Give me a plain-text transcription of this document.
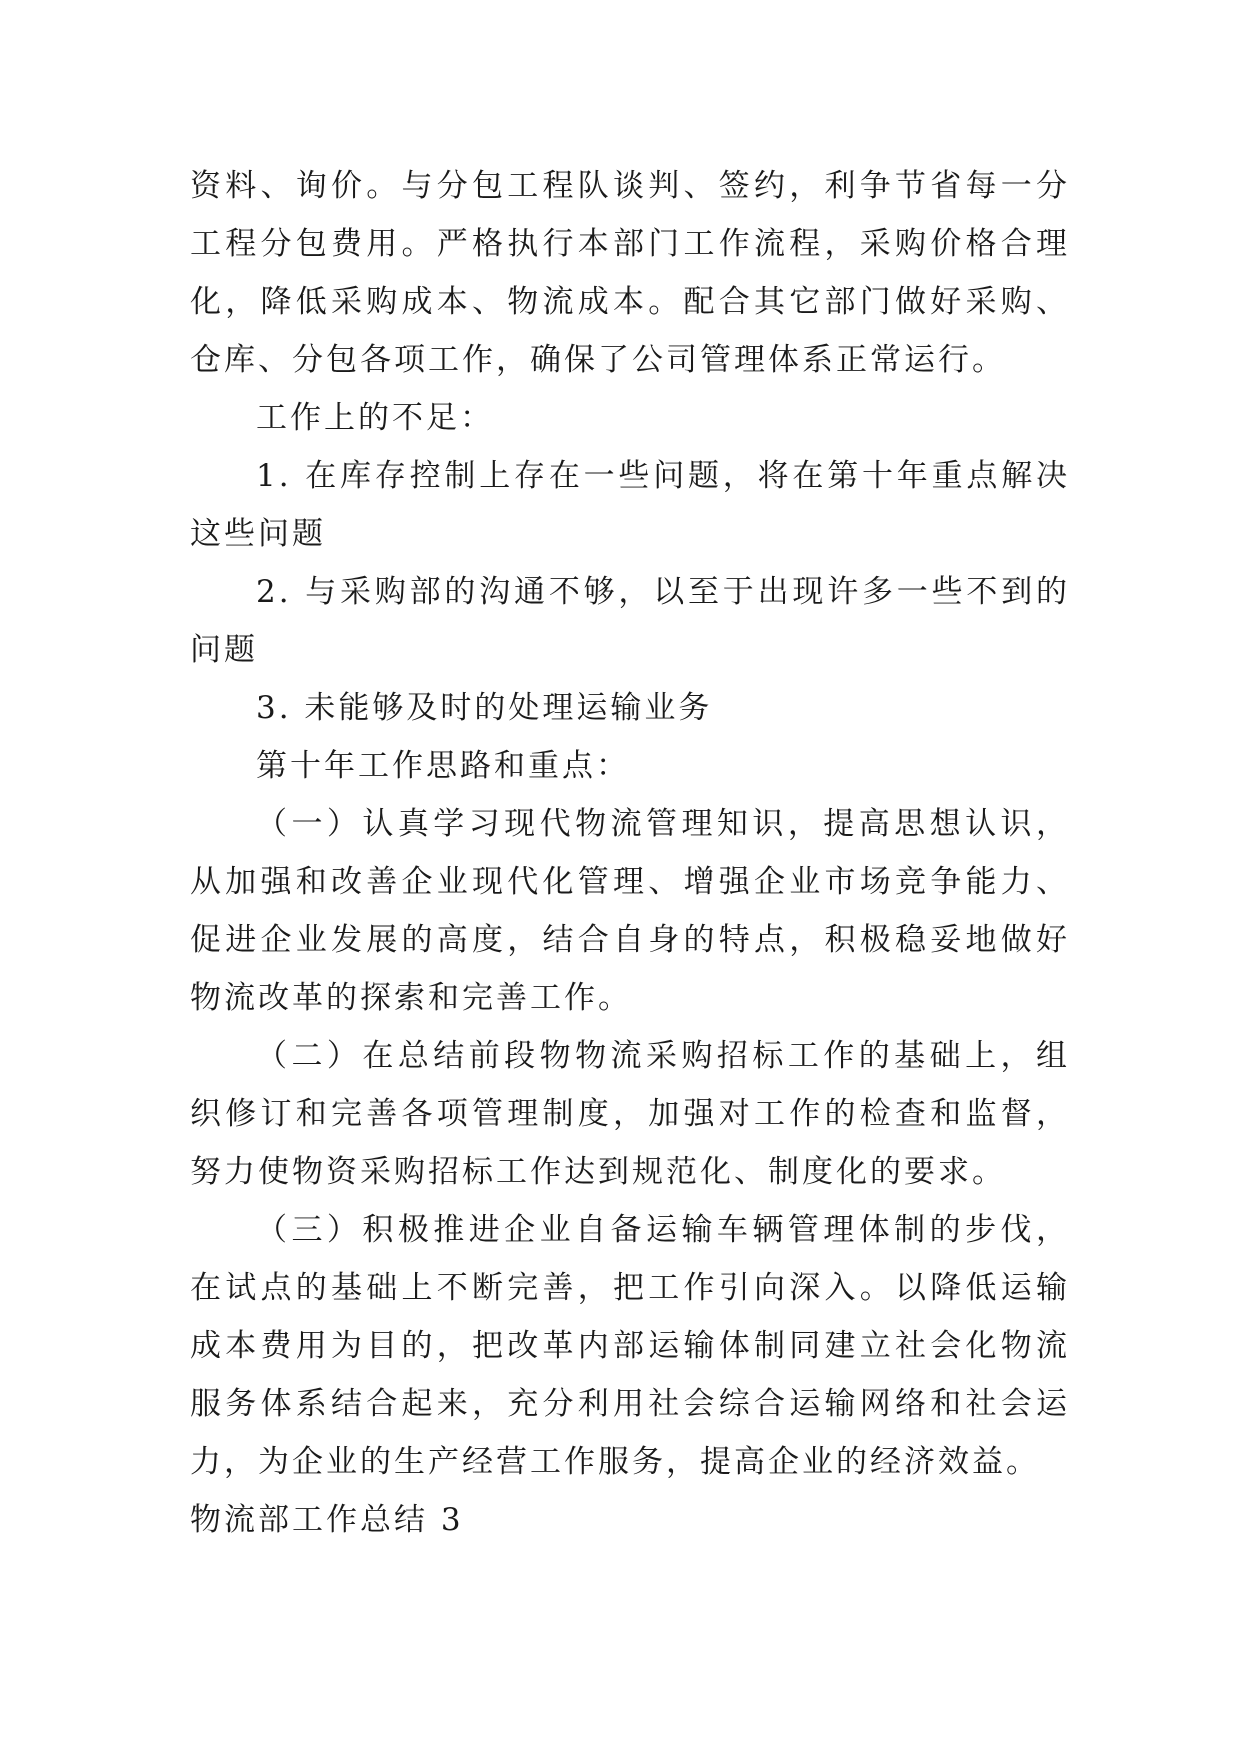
资料、询价。与分包工程队谈判、签约，利争节省每一分工程分包费用。严格执行本部门工作流程，采购价格合理化，降低采购成本、物流成本。配合其它部门做好采购、仓库、分包各项工作，确保了公司管理体系正常运行。

工作上的不足：

1. 在库存控制上存在一些问题，将在第十年重点解决这些问题

2. 与采购部的沟通不够，以至于出现许多一些不到的问题

3. 未能够及时的处理运输业务

第十年工作思路和重点：

（一）认真学习现代物流管理知识，提高思想认识，从加强和改善企业现代化管理、增强企业市场竞争能力、促进企业发展的高度，结合自身的特点，积极稳妥地做好物流改革的探索和完善工作。

（二）在总结前段物物流采购招标工作的基础上，组织修订和完善各项管理制度，加强对工作的检查和监督，努力使物资采购招标工作达到规范化、制度化的要求。

（三）积极推进企业自备运输车辆管理体制的步伐，在试点的基础上不断完善，把工作引向深入。以降低运输成本费用为目的，把改革内部运输体制同建立社会化物流服务体系结合起来，充分利用社会综合运输网络和社会运力，为企业的生产经营工作服务，提高企业的经济效益。

物流部工作总结 3
